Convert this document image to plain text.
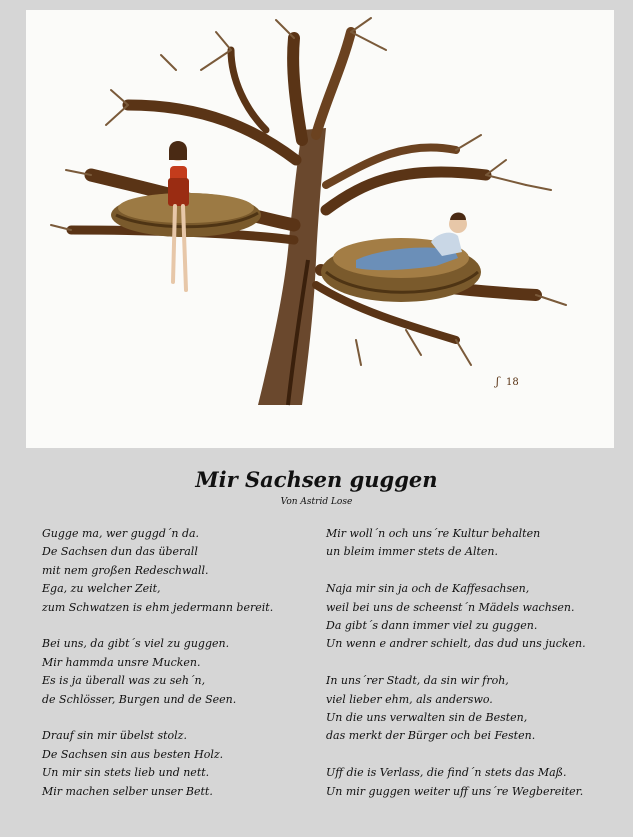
ʃ 18
Mir Sachsen guggen
Von Astrid Lose
Gugge ma, wer guggd´n da.
De Sachsen dun das überall
mit nem großen Redeschwall.
Ega, zu welcher Zeit,
zum Schwatzen is ehm jedermann bereit.
Bei uns, da gibt´s viel zu guggen.
Mir hammda unsre Mucken.
Es is ja überall was zu seh´n,
de Schlösser, Burgen und de Seen.
Drauf sin mir übelst stolz.
De Sachsen sin aus besten Holz.
Un mir sin stets lieb und nett.
Mir machen selber unser Bett.
Mir woll´n och uns´re Kultur behalten
un bleim immer stets de Alten.
Naja mir sin ja och de Kaffesachsen,
weil bei uns de scheenst´n Mädels wachsen.
Da gibt´s dann immer viel zu guggen.
Un wenn e andrer schielt, das dud uns jucken.
In uns´rer Stadt, da sin wir froh,
viel lieber ehm, als anderswo.
Un die uns verwalten sin de Besten,
das merkt der Bürger och bei Festen.
Uff die is Verlass, die find´n stets das Maß.
Un mir guggen weiter uff uns´re Wegbereiter.
